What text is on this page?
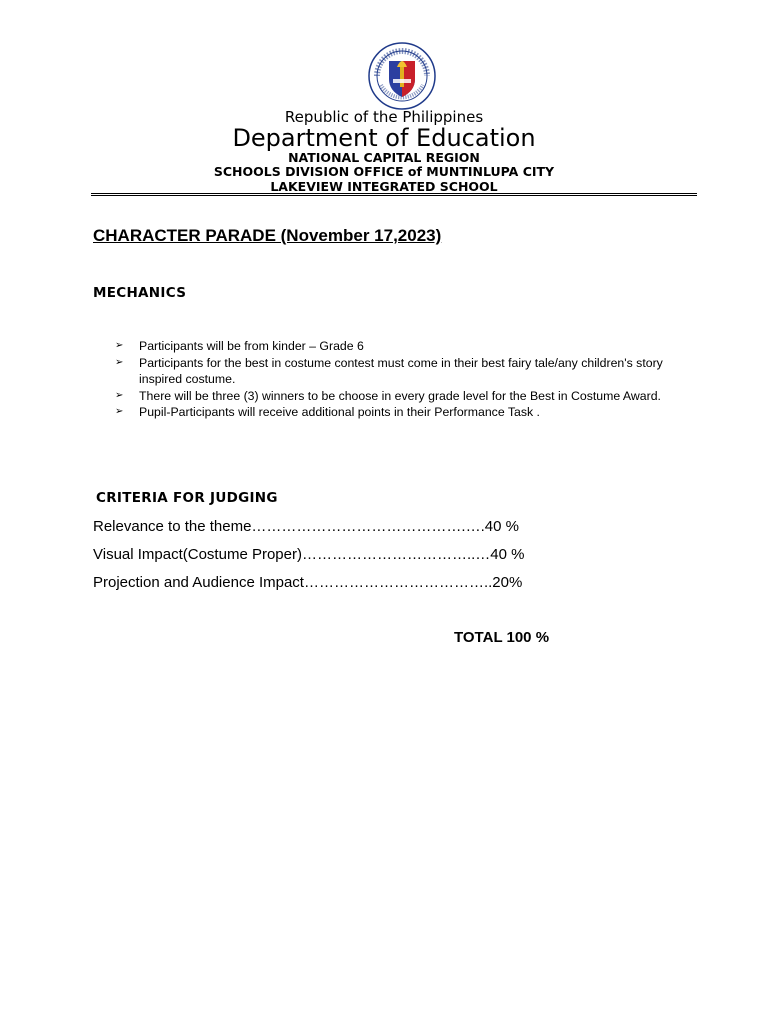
Republic of the Philippines
Department of Education
NATIONAL CAPITAL REGION
SCHOOLS DIVISION OFFICE of MUNTINLUPA CITY
LAKEVIEW INTEGRATED SCHOOL
CHARACTER PARADE (November 17,2023)
MECHANICS
➢ Participants will be from kinder – Grade 6
➢ Participants for the best in costume contest must come in their best fairy tale/any children's story inspired costume.
➢ There will be three (3) winners to be choose in every grade level for the Best in Costume Award.
➢ Pupil-Participants will receive additional points in their Performance Task .
CRITERIA FOR JUDGING
Relevance to the theme…………………………………….….40 %
Visual Impact(Costume Proper)……………………………..…40 %
Projection and Audience Impact………………………………..20%
TOTAL 100 %
